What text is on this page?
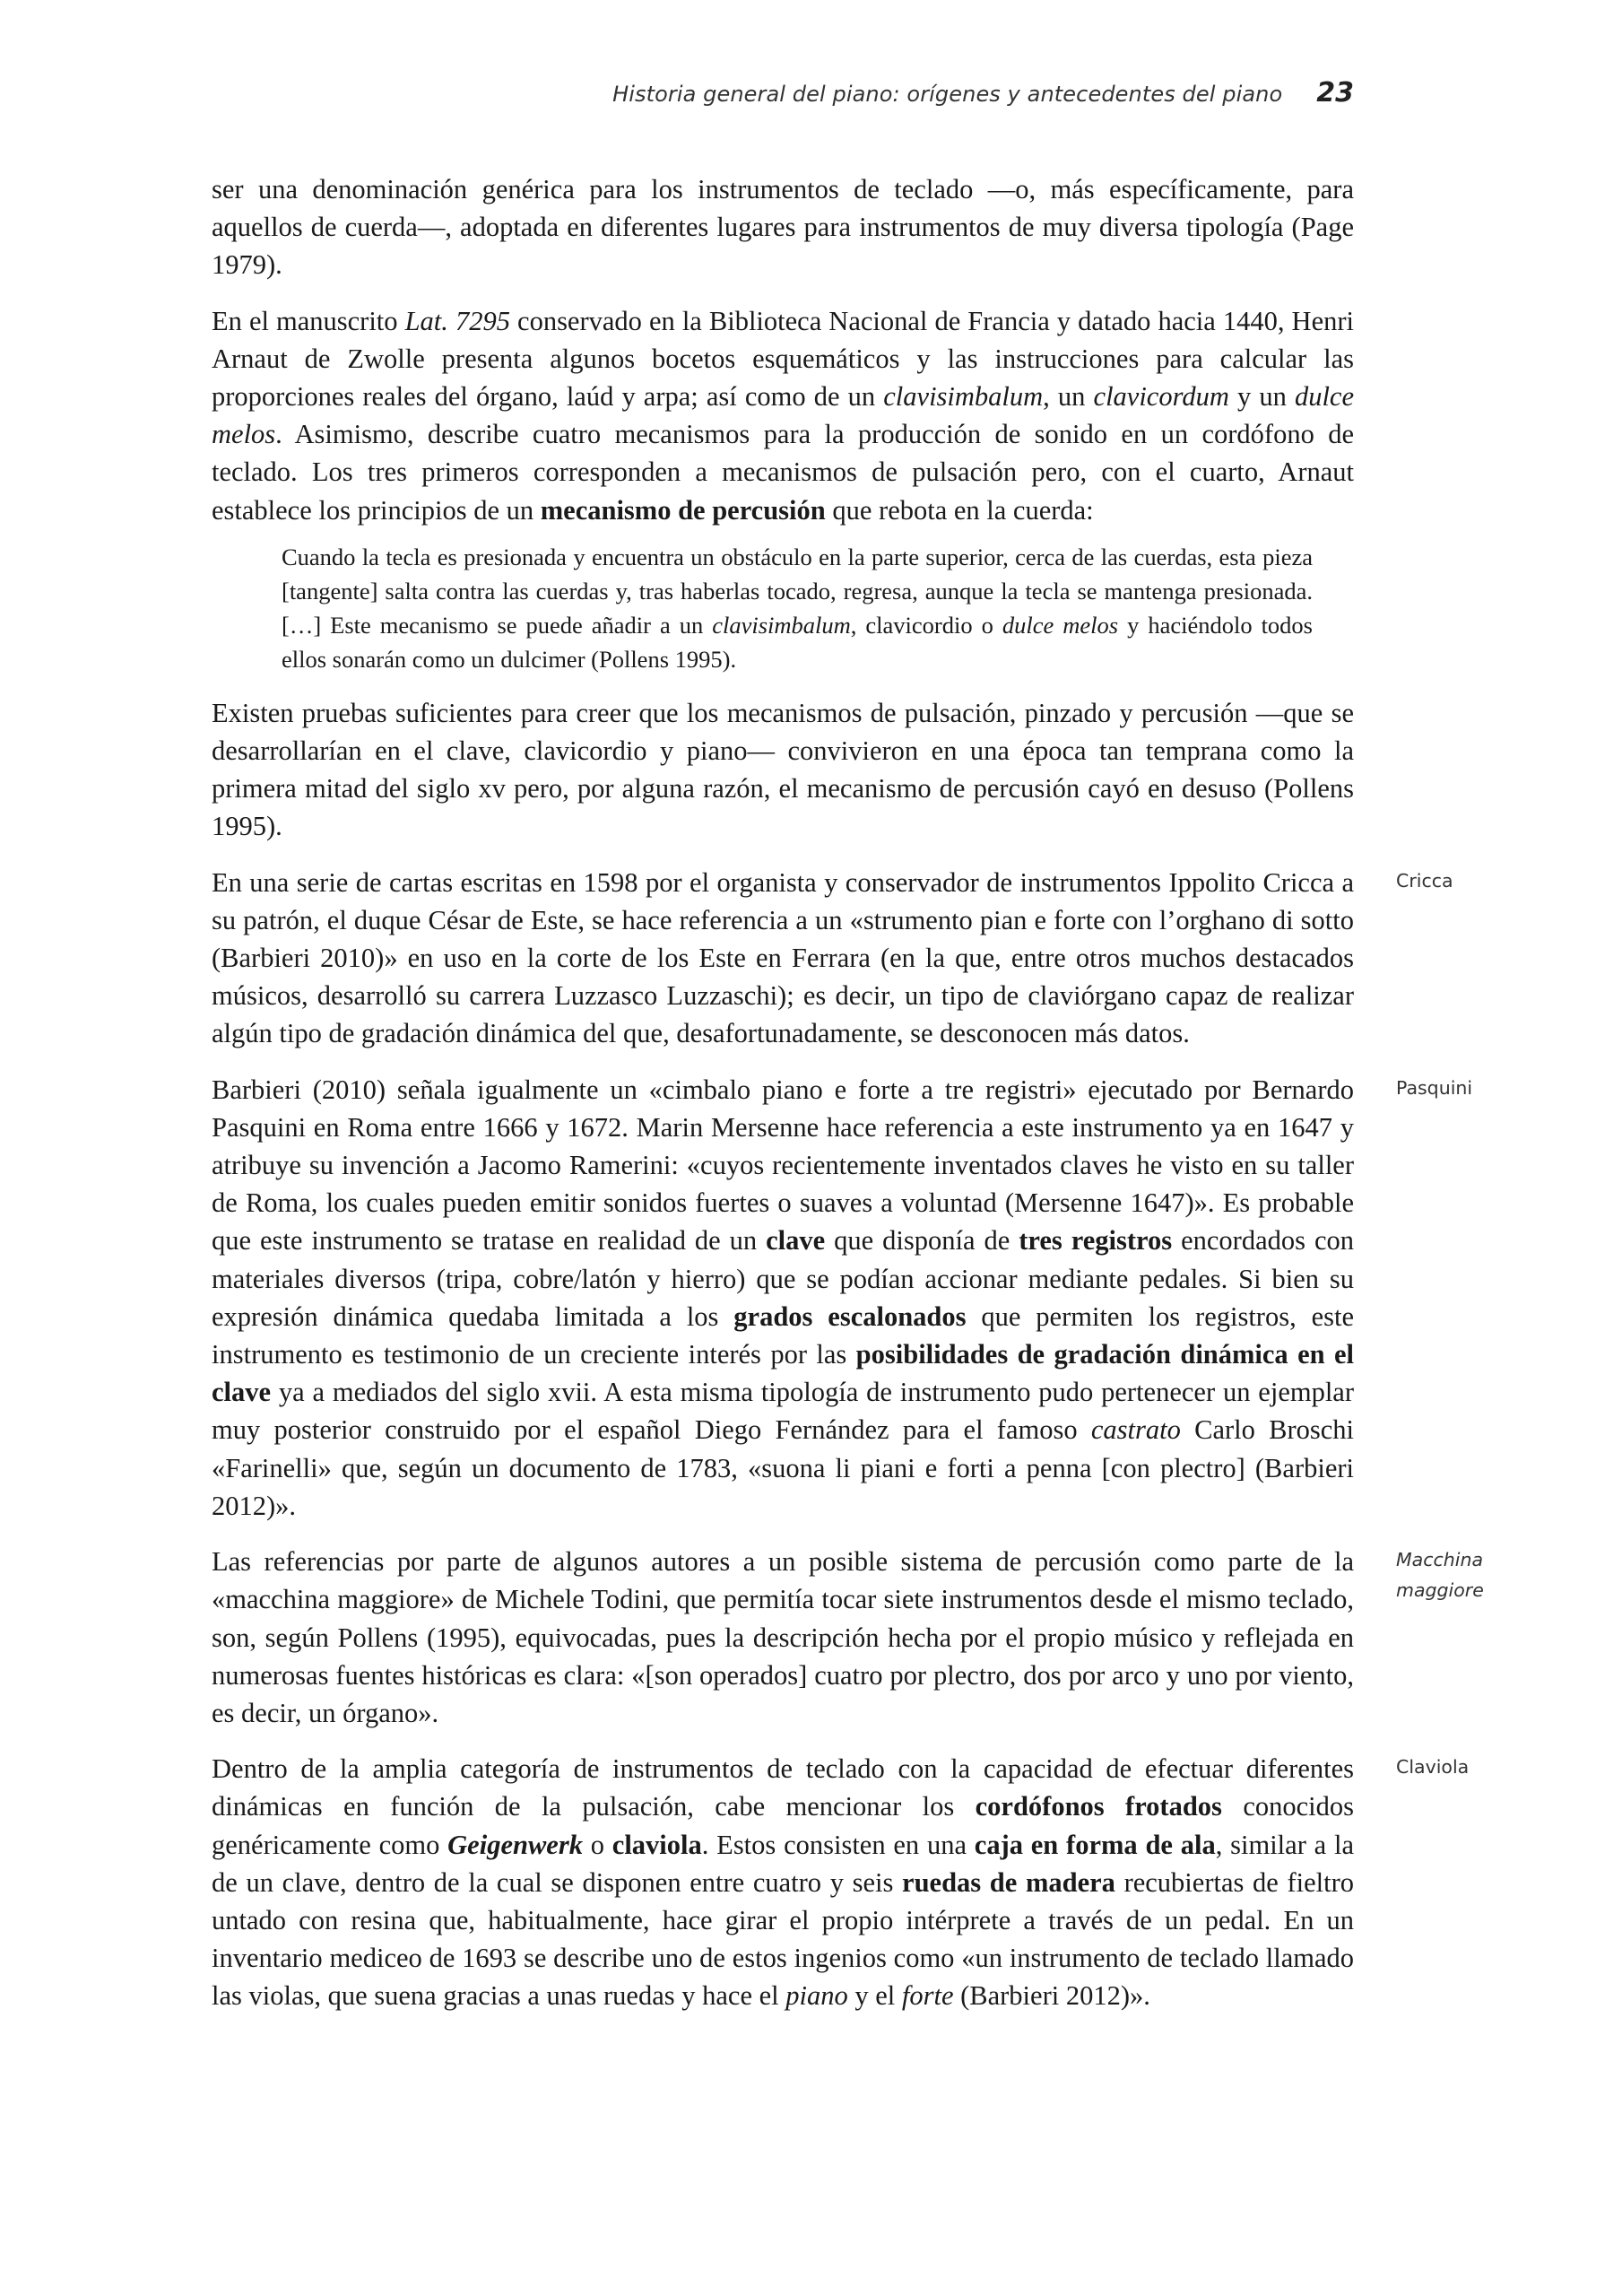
Historia general del piano: orígenes y antecedentes del piano 23

ser una denominación genérica para los instrumentos de teclado —o, más específicamente, para aquellos de cuerda—, adoptada en diferentes lugares para instrumentos de muy diversa tipología (Page 1979).

En el manuscrito Lat. 7295 conservado en la Biblioteca Nacional de Francia y datado hacia 1440, Henri Arnaut de Zwolle presenta algunos bocetos esquemáticos y las instrucciones para calcular las proporciones reales del órgano, laúd y arpa; así como de un clavisimbalum, un clavicordum y un dulce melos. Asimismo, describe cuatro mecanismos para la producción de sonido en un cordófono de teclado. Los tres primeros corresponden a mecanismos de pulsación pero, con el cuarto, Arnaut establece los principios de un mecanismo de percusión que rebota en la cuerda:

Cuando la tecla es presionada y encuentra un obstáculo en la parte superior, cerca de las cuerdas, esta pieza [tangente] salta contra las cuerdas y, tras haberlas tocado, regresa, aunque la tecla se mantenga presionada. […] Este mecanismo se puede añadir a un clavisimbalum, clavicordio o dulce melos y haciéndolo todos ellos sonarán como un dulcimer (Pollens 1995).

Existen pruebas suficientes para creer que los mecanismos de pulsación, pinzado y percusión —que se desarrollarían en el clave, clavicordio y piano— convivieron en una época tan temprana como la primera mitad del siglo xv pero, por alguna razón, el mecanismo de percusión cayó en desuso (Pollens 1995).

En una serie de cartas escritas en 1598 por el organista y conservador de instrumentos Ippolito Cricca a su patrón, el duque César de Este, se hace referencia a un «strumento pian e forte con l’orghano di sotto (Barbieri 2010)» en uso en la corte de los Este en Ferrara (en la que, entre otros muchos destacados músicos, desarrolló su carrera Luzzasco Luzzaschi); es decir, un tipo de claviórgano capaz de realizar algún tipo de gradación dinámica del que, desafortunadamente, se desconocen más datos.
Cricca

Barbieri (2010) señala igualmente un «cimbalo piano e forte a tre registri» ejecutado por Bernardo Pasquini en Roma entre 1666 y 1672. Marin Mersenne hace referencia a este instrumento ya en 1647 y atribuye su invención a Jacomo Ramerini: «cuyos recientemente inventados claves he visto en su taller de Roma, los cuales pueden emitir sonidos fuertes o suaves a voluntad (Mersenne 1647)». Es probable que este instrumento se tratase en realidad de un clave que disponía de tres registros encordados con materiales diversos (tripa, cobre/latón y hierro) que se podían accionar mediante pedales. Si bien su expresión dinámica quedaba limitada a los grados escalonados que permiten los registros, este instrumento es testimonio de un creciente interés por las posibilidades de gradación dinámica en el clave ya a mediados del siglo xvii. A esta misma tipología de instrumento pudo pertenecer un ejemplar muy posterior construido por el español Diego Fernández para el famoso castrato Carlo Broschi «Farinelli» que, según un documento de 1783, «suona li piani e forti a penna [con plectro] (Barbieri 2012)».
Pasquini

Las referencias por parte de algunos autores a un posible sistema de percusión como parte de la «macchina maggiore» de Michele Todini, que permitía tocar siete instrumentos desde el mismo teclado, son, según Pollens (1995), equivocadas, pues la descripción hecha por el propio músico y reflejada en numerosas fuentes históricas es clara: «[son operados] cuatro por plectro, dos por arco y uno por viento, es decir, un órgano».
Macchina maggiore

Dentro de la amplia categoría de instrumentos de teclado con la capacidad de efectuar diferentes dinámicas en función de la pulsación, cabe mencionar los cordófonos frotados conocidos genéricamente como Geigenwerk o claviola. Estos consisten en una caja en forma de ala, similar a la de un clave, dentro de la cual se disponen entre cuatro y seis ruedas de madera recubiertas de fieltro untado con resina que, habitualmente, hace girar el propio intérprete a través de un pedal. En un inventario mediceo de 1693 se describe uno de estos ingenios como «un instrumento de teclado llamado las violas, que suena gracias a unas ruedas y hace el piano y el forte (Barbieri 2012)».
Claviola
